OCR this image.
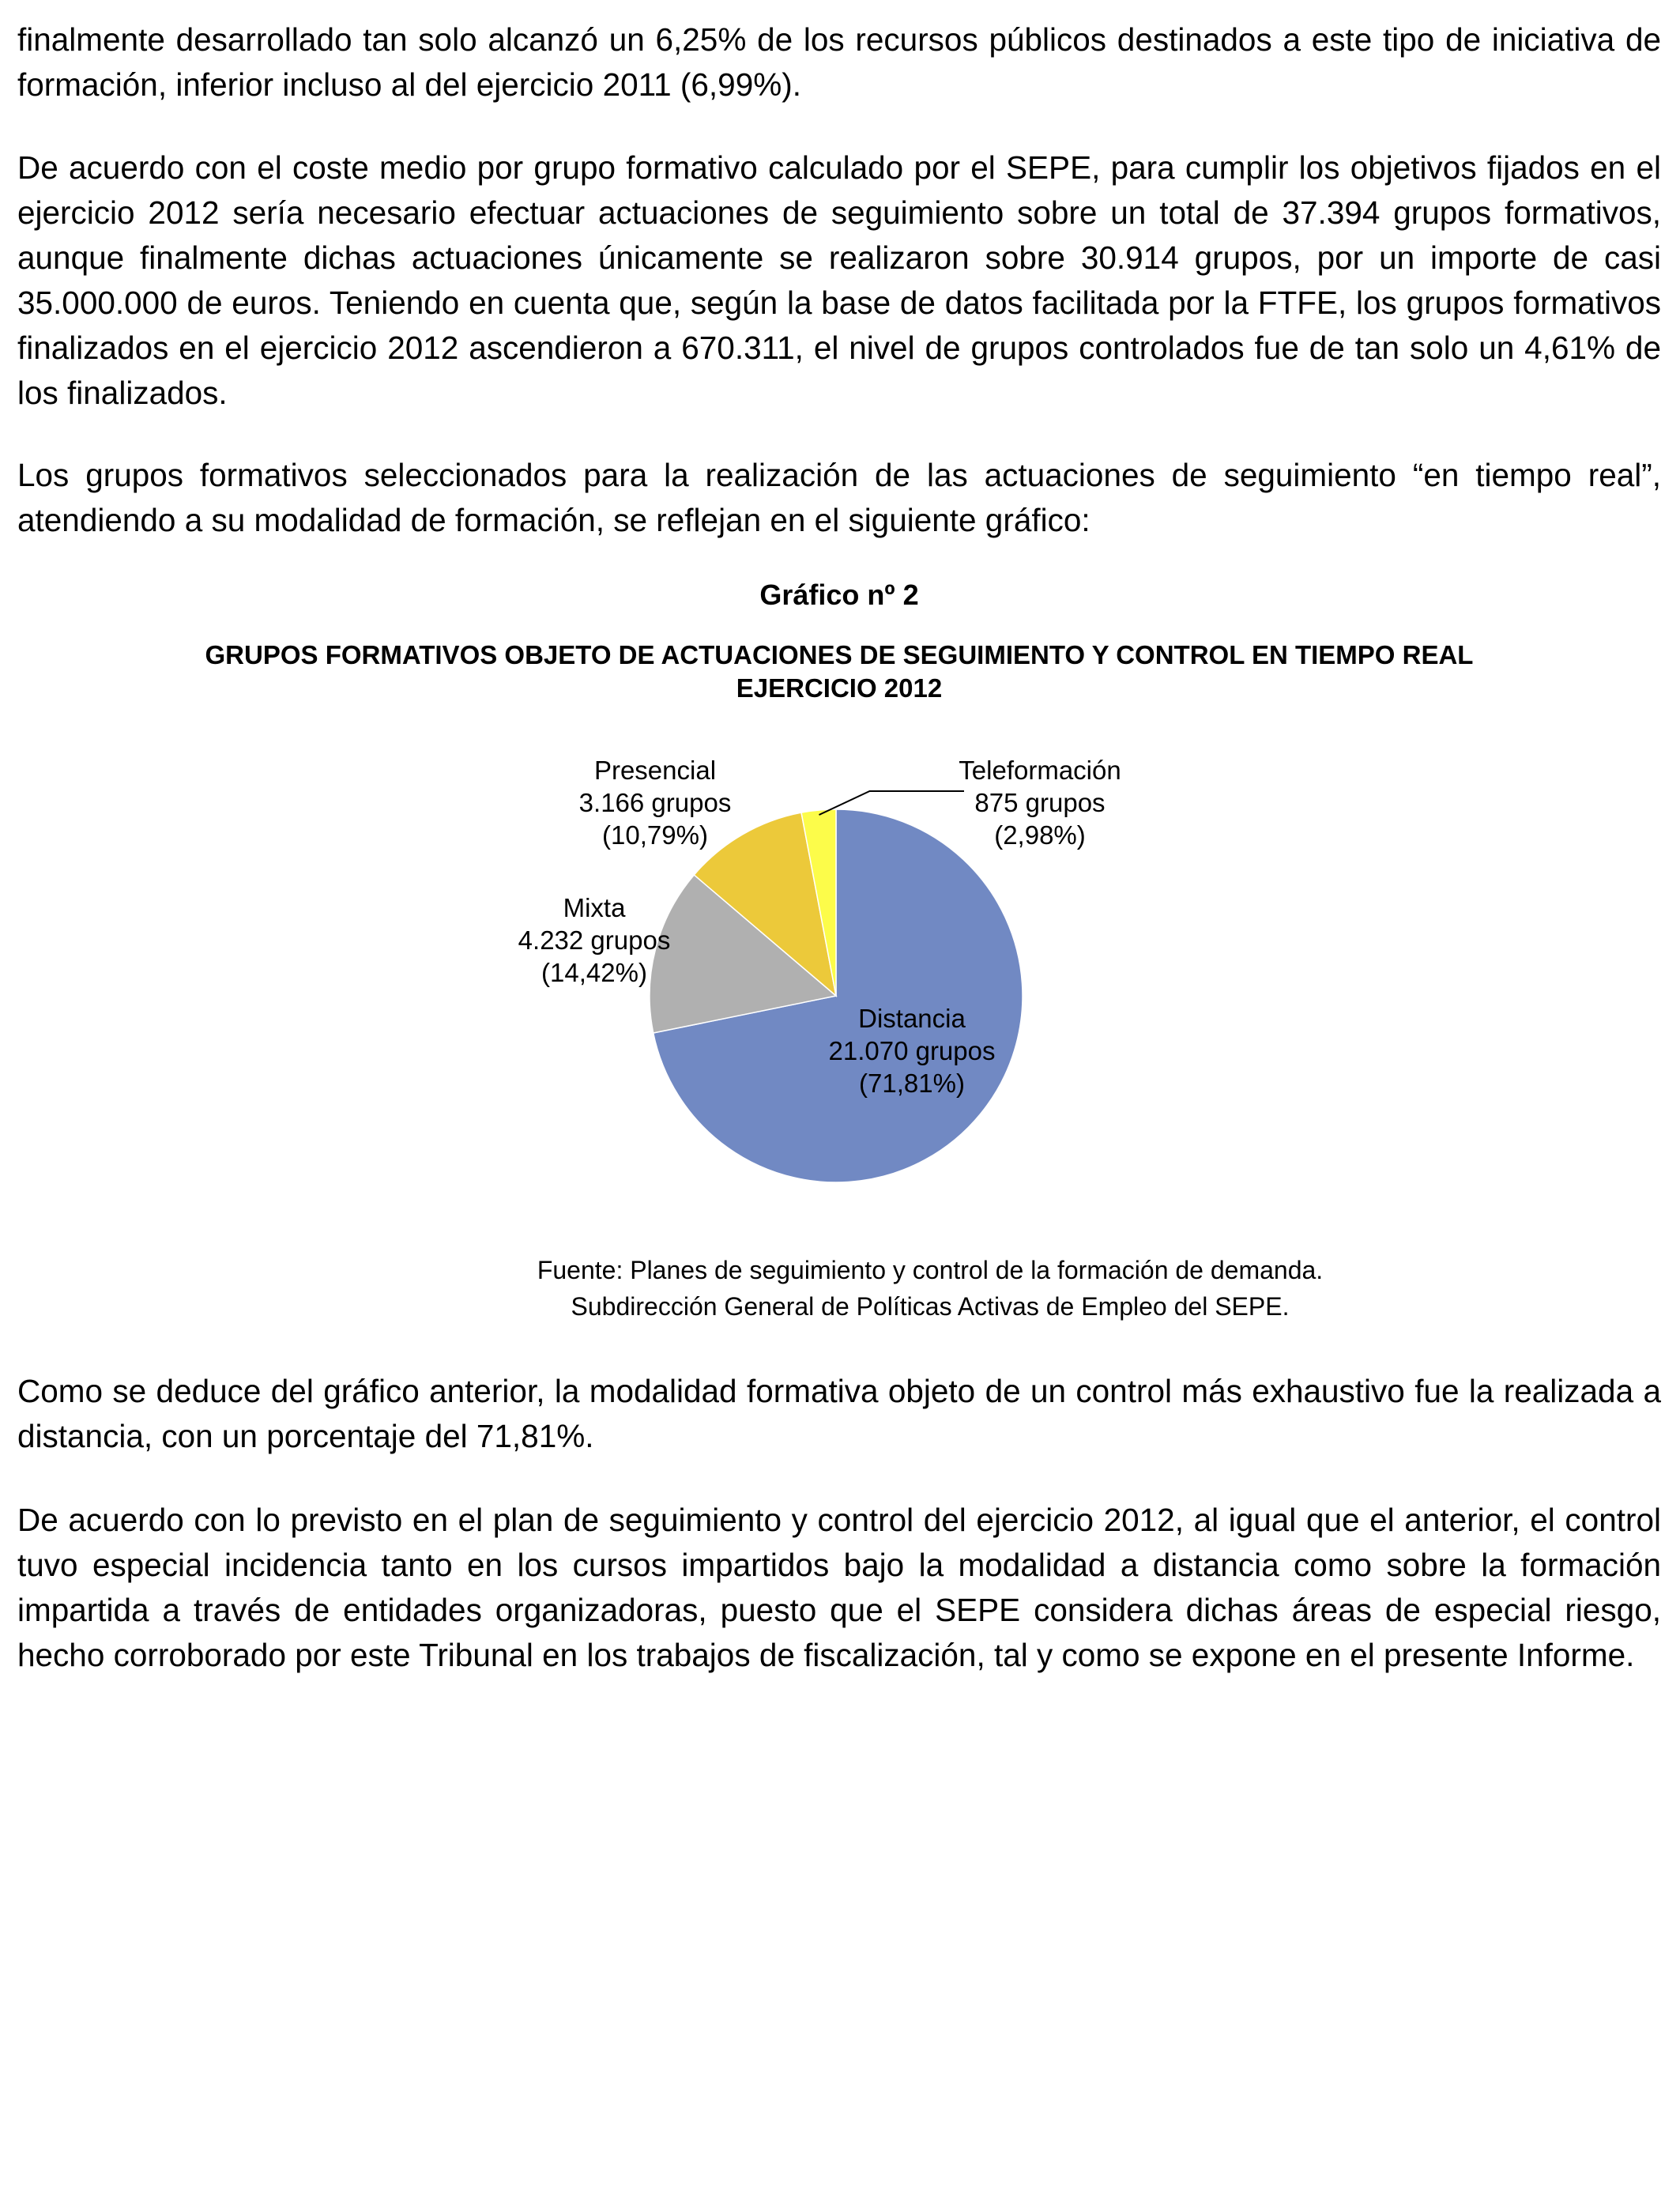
finalmente desarrollado tan solo alcanzó un 6,25% de los recursos públicos destinados a este tipo de iniciativa de formación, inferior incluso al del ejercicio 2011 (6,99%).

De acuerdo con el coste medio por grupo formativo calculado por el SEPE, para cumplir los objetivos fijados en el ejercicio 2012 sería necesario efectuar actuaciones de seguimiento sobre un total de 37.394 grupos formativos, aunque finalmente dichas actuaciones únicamente se realizaron sobre 30.914 grupos, por un importe de casi 35.000.000 de euros. Teniendo en cuenta que, según la base de datos facilitada por la FTFE, los grupos formativos finalizados en el ejercicio 2012 ascendieron a 670.311, el nivel de grupos controlados fue de tan solo un 4,61% de los finalizados.

Los grupos formativos seleccionados para la realización de las actuaciones de seguimiento “en tiempo real”, atendiendo a su modalidad de formación, se reflejan en el siguiente gráfico:

Gráfico nº 2
GRUPOS FORMATIVOS OBJETO DE ACTUACIONES DE SEGUIMIENTO Y CONTROL EN TIEMPO REAL
EJERCICIO 2012
Distancia
21.070 grupos
(71,81%)
Mixta
4.232 grupos
(14,42%)
Presencial
3.166 grupos
(10,79%)
Teleformación
875 grupos
(2,98%)
Fuente: Planes de seguimiento y control de la formación de demanda.
Subdirección General de Políticas Activas de Empleo del SEPE.

Como se deduce del gráfico anterior, la modalidad formativa objeto de un control más exhaustivo fue la realizada a distancia, con un porcentaje del 71,81%.

De acuerdo con lo previsto en el plan de seguimiento y control del ejercicio 2012, al igual que el anterior, el control tuvo especial incidencia tanto en los cursos impartidos bajo la modalidad a distancia como sobre la formación impartida a través de entidades organizadoras, puesto que el SEPE considera dichas áreas de especial riesgo, hecho corroborado por este Tribunal en los trabajos de fiscalización, tal y como se expone en el presente Informe.
